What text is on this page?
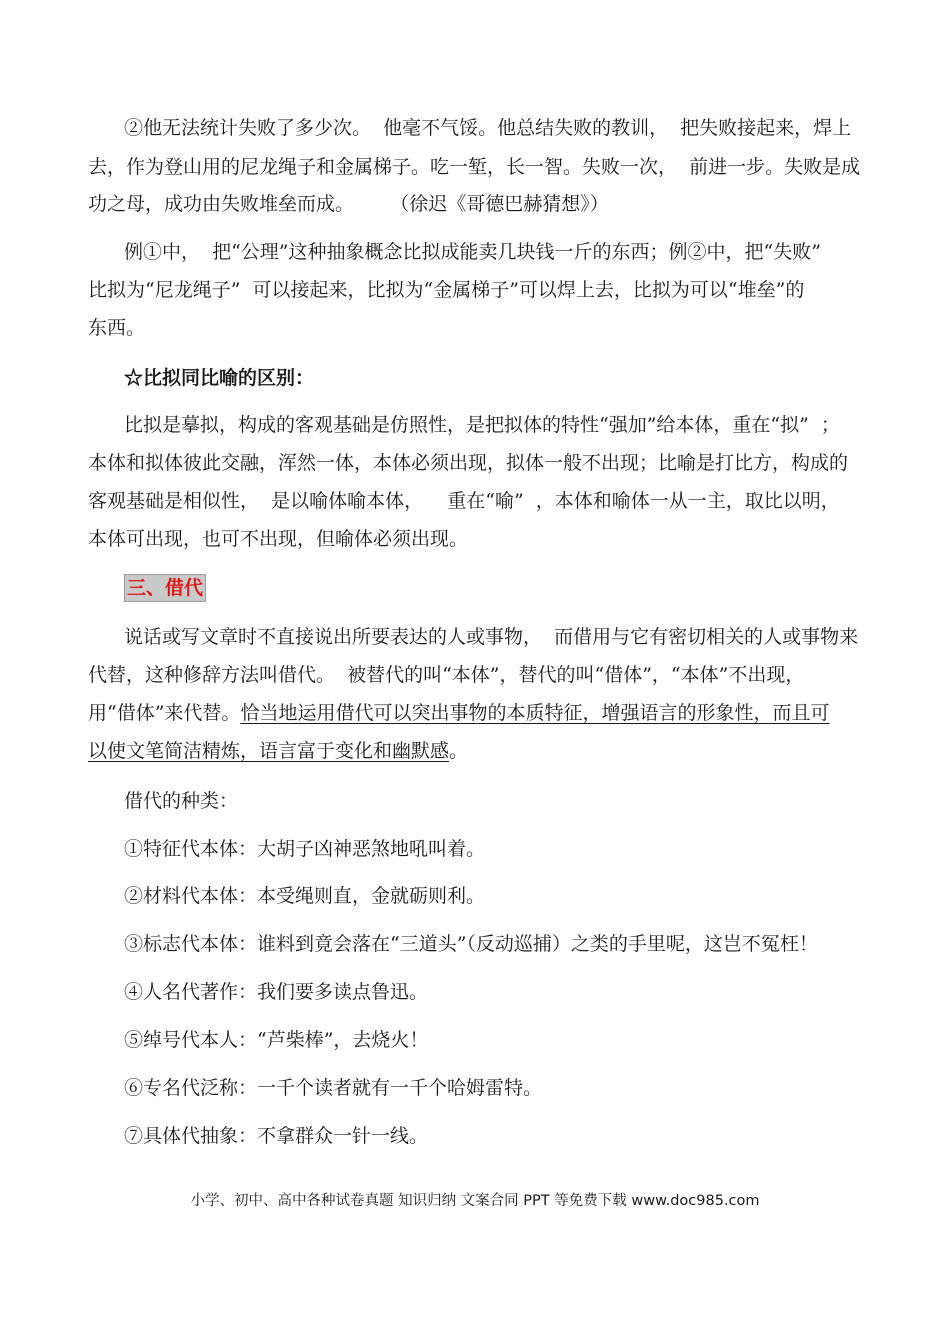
②他无法统计失败了多少次。  他毫不气馁。他总结失败的教训，  把失败接起来，焊上
去，作为登山用的尼龙绳子和金属梯子。吃一堑，长一智。失败一次，  前进一步。失败是成
功之母，成功由失败堆垒而成。      （徐迟《哥德巴赫猜想》）
例①中，  把“公理”这种抽象概念比拟成能卖几块钱一斤的东西；例②中，把“失败”
比拟为“尼龙绳子”  可以接起来，比拟为“金属梯子”可以焊上去，比拟为可以“堆垒”的
东西。
☆比拟同比喻的区别：
比拟是摹拟，构成的客观基础是仿照性，是把拟体的特性“强加”给本体，重在“拟”  ；
本体和拟体彼此交融，浑然一体，本体必须出现，拟体一般不出现；比喻是打比方，构成的
客观基础是相似性，  是以喻体喻本体，    重在“喻”  ，本体和喻体一从一主，取比以明，
本体可出现，也可不出现，但喻体必须出现。
三、借代
说话或写文章时不直接说出所要表达的人或事物，  而借用与它有密切相关的人或事物来
代替，这种修辞方法叫借代。  被替代的叫“本体”，替代的叫“借体”，“本体”不出现，
用“借体”来代替。恰当地运用借代可以突出事物的本质特征，增强语言的形象性，而且可
以使文笔简洁精炼，语言富于变化和幽默感。
借代的种类：
①特征代本体：大胡子凶神恶煞地吼叫着。
②材料代本体：本受绳则直，金就砺则利。
③标志代本体：谁料到竟会落在“三道头”（反动巡捕）之类的手里呢，这岂不冤枉！
④人名代著作：我们要多读点鲁迅。
⑤绰号代本人：“芦柴棒”，去烧火！
⑥专名代泛称：一千个读者就有一千个哈姆雷特。
⑦具体代抽象：不拿群众一针一线。
小学、初中、高中各种试卷真题 知识归纳 文案合同 PPT 等免费下载 www.doc985.com
